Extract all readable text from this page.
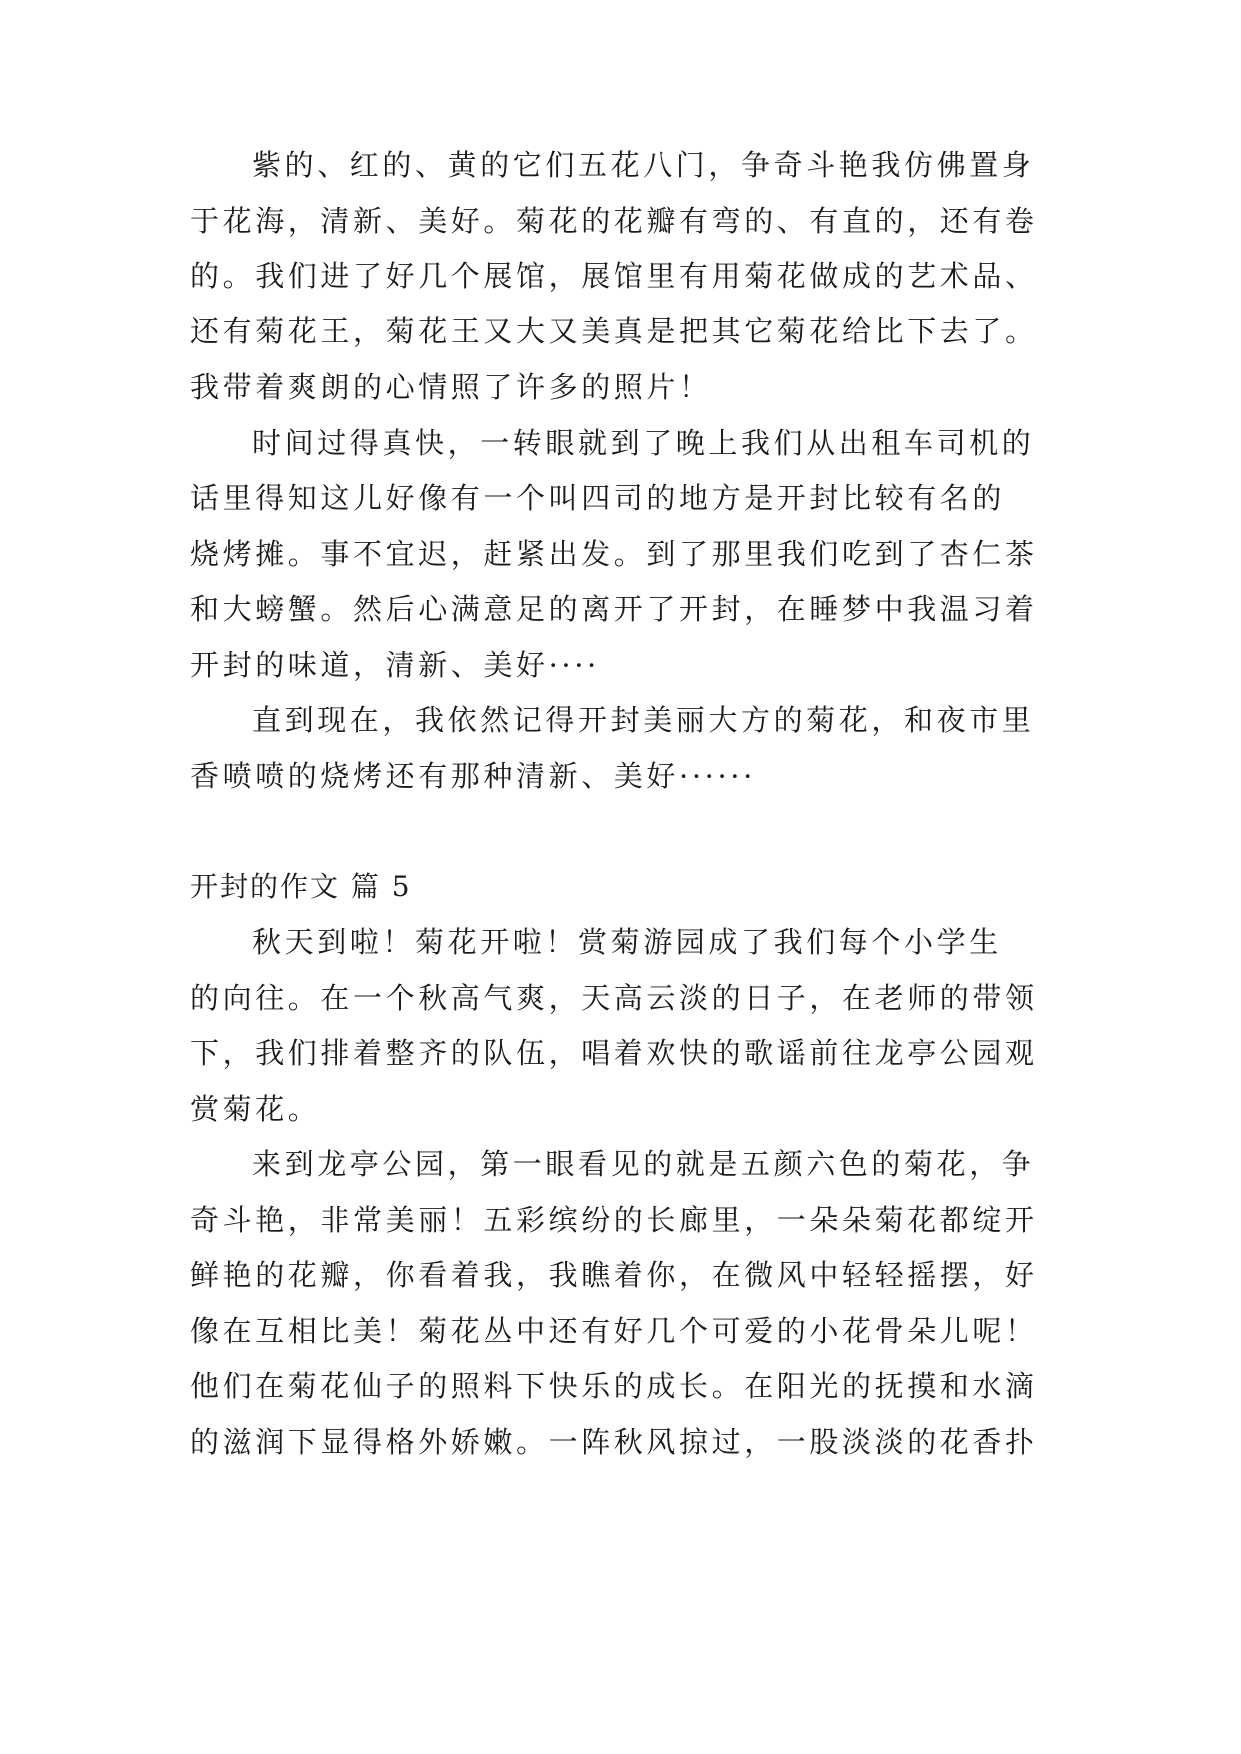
紫的、红的、黄的它们五花八门，争奇斗艳我仿佛置身
于花海，清新、美好。菊花的花瓣有弯的、有直的，还有卷
的。我们进了好几个展馆，展馆里有用菊花做成的艺术品、
还有菊花王，菊花王又大又美真是把其它菊花给比下去了。
我带着爽朗的心情照了许多的照片！
时间过得真快，一转眼就到了晚上我们从出租车司机的
话里得知这儿好像有一个叫四司的地方是开封比较有名的
烧烤摊。事不宜迟，赶紧出发。到了那里我们吃到了杏仁茶
和大螃蟹。然后心满意足的离开了开封，在睡梦中我温习着
开封的味道，清新、美好····
直到现在，我依然记得开封美丽大方的菊花，和夜市里
香喷喷的烧烤还有那种清新、美好······
开封的作文 篇 5
秋天到啦！菊花开啦！赏菊游园成了我们每个小学生
的向往。在一个秋高气爽，天高云淡的日子，在老师的带领
下，我们排着整齐的队伍，唱着欢快的歌谣前往龙亭公园观
赏菊花。
来到龙亭公园，第一眼看见的就是五颜六色的菊花，争
奇斗艳，非常美丽！五彩缤纷的长廊里，一朵朵菊花都绽开
鲜艳的花瓣，你看着我，我瞧着你，在微风中轻轻摇摆，好
像在互相比美！菊花丛中还有好几个可爱的小花骨朵儿呢！
他们在菊花仙子的照料下快乐的成长。在阳光的抚摸和水滴
的滋润下显得格外娇嫩。一阵秋风掠过，一股淡淡的花香扑
